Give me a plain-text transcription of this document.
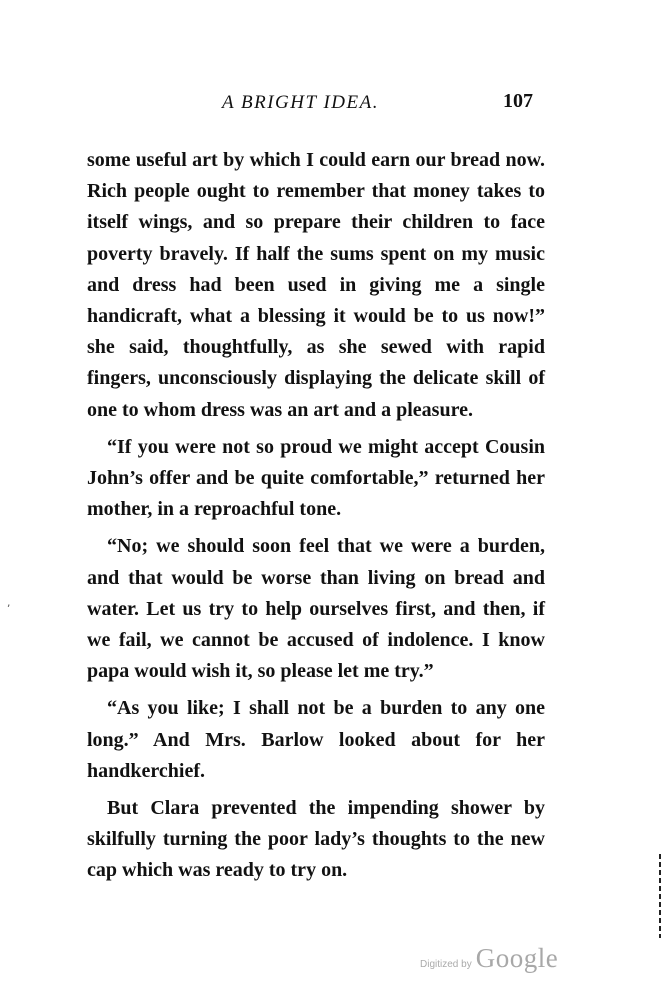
A BRIGHT IDEA.	107

some useful art by which I could earn our bread now. Rich people ought to remember that money takes to itself wings, and so prepare their children to face poverty bravely. If half the sums spent on my music and dress had been used in giving me a single handicraft, what a blessing it would be to us now!” she said, thoughtfully, as she sewed with rapid fingers, unconsciously displaying the delicate skill of one to whom dress was an art and a pleasure.

“If you were not so proud we might accept Cousin John’s offer and be quite comfortable,” returned her mother, in a reproachful tone.

“No; we should soon feel that we were a burden, and that would be worse than living on bread and water. Let us try to help ourselves first, and then, if we fail, we cannot be accused of indolence. I know papa would wish it, so please let me try.”

“As you like; I shall not be a burden to any one long.” And Mrs. Barlow looked about for her handkerchief.

But Clara prevented the impending shower by skilfully turning the poor lady’s thoughts to the new cap which was ready to try on.

’
Digitized by Google
